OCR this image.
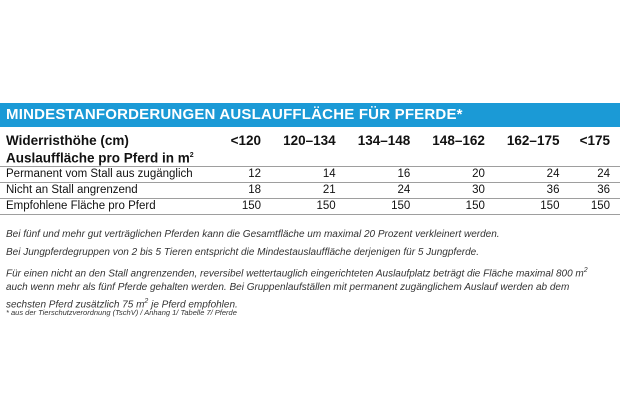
MINDESTANFORDERUNGEN AUSLAUFFLÄCHE FÜR PFERDE*
Widerristhöhe (cm)	<120	120–134	134–148	148–162	162–175	<175
Auslauffläche pro Pferd in $m^2$
Permanent vom Stall aus zugänglich	12	14	16	20	24	24
Nicht an Stall angrenzend	18	21	24	30	36	36
Empfohlene Fläche pro Pferd	150	150	150	150	150	150

Bei fünf und mehr gut verträglichen Pferden kann die Gesamtfläche um maximal 20 Prozent verkleinert werden.

Bei Jungpferdegruppen von 2 bis 5 Tieren entspricht die Mindestauslauffläche derjenigen für 5 Jungpferde.

Für einen nicht an den Stall angrenzenden, reversibel wettertauglich eingerichteten Auslaufplatz beträgt die Fläche maximal 800 $m^2$ auch wenn mehr als fünf Pferde gehalten werden. Bei Gruppenlaufställen mit permanent zugänglichem Auslauf werden ab dem sechsten Pferd zusätzlich 75 $m^2$ je Pferd empfohlen.

* aus der Tierschutzverordnung (TschV) / Anhang 1/ Tabelle 7/ Pferde
